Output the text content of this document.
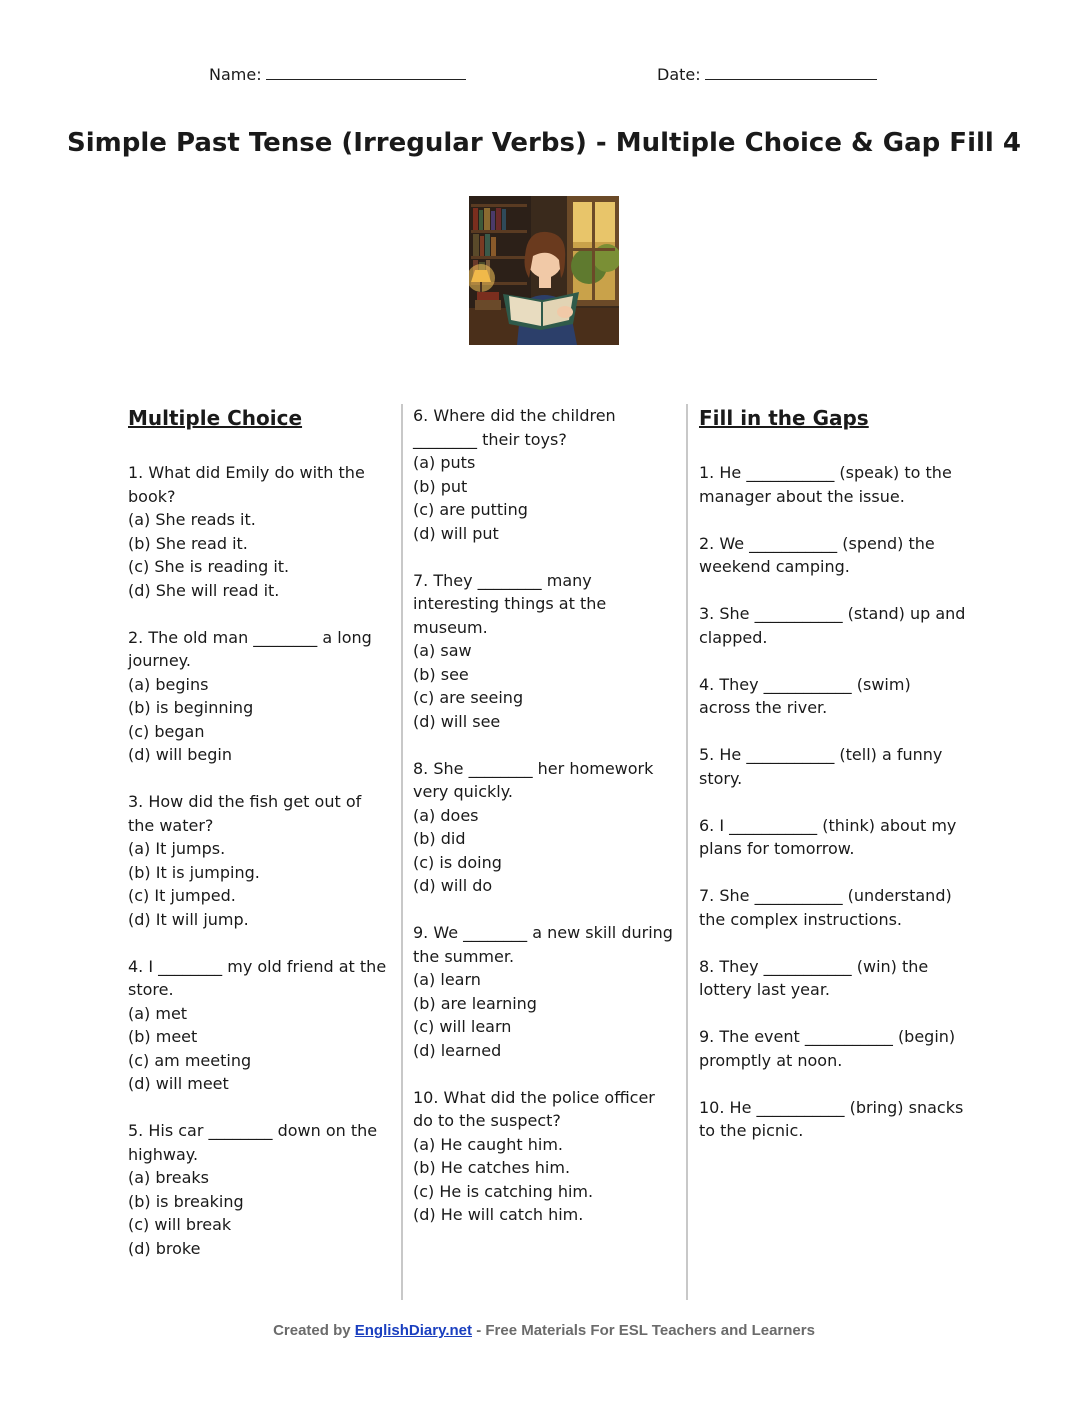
Name:	Date:
Simple Past Tense (Irregular Verbs) - Multiple Choice & Gap Fill 4
Multiple Choice
1. What did Emily do with the book?
(a) She reads it.
(b) She read it.
(c) She is reading it.
(d) She will read it.
2. The old man ________ a long journey.
(a) begins
(b) is beginning
(c) began
(d) will begin
3. How did the fish get out of the water?
(a) It jumps.
(b) It is jumping.
(c) It jumped.
(d) It will jump.
4. I ________ my old friend at the store.
(a) met
(b) meet
(c) am meeting
(d) will meet
5. His car ________ down on the highway.
(a) breaks
(b) is breaking
(c) will break
(d) broke
6. Where did the children ________ their toys?
(a) puts
(b) put
(c) are putting
(d) will put
7. They ________ many interesting things at the museum.
(a) saw
(b) see
(c) are seeing
(d) will see
8. She ________ her homework very quickly.
(a) does
(b) did
(c) is doing
(d) will do
9. We ________ a new skill during the summer.
(a) learn
(b) are learning
(c) will learn
(d) learned
10. What did the police officer do to the suspect?
(a) He caught him.
(b) He catches him.
(c) He is catching him.
(d) He will catch him.
Fill in the Gaps
1. He ___________ (speak) to the manager about the issue.
2. We ___________ (spend) the weekend camping.
3. She ___________ (stand) up and clapped.
4. They ___________ (swim) across the river.
5. He ___________ (tell) a funny story.
6. I ___________ (think) about my plans for tomorrow.
7. She ___________ (understand) the complex instructions.
8. They ___________ (win) the lottery last year.
9. The event ___________ (begin) promptly at noon.
10. He ___________ (bring) snacks to the picnic.
Created by EnglishDiary.net - Free Materials For ESL Teachers and Learners
